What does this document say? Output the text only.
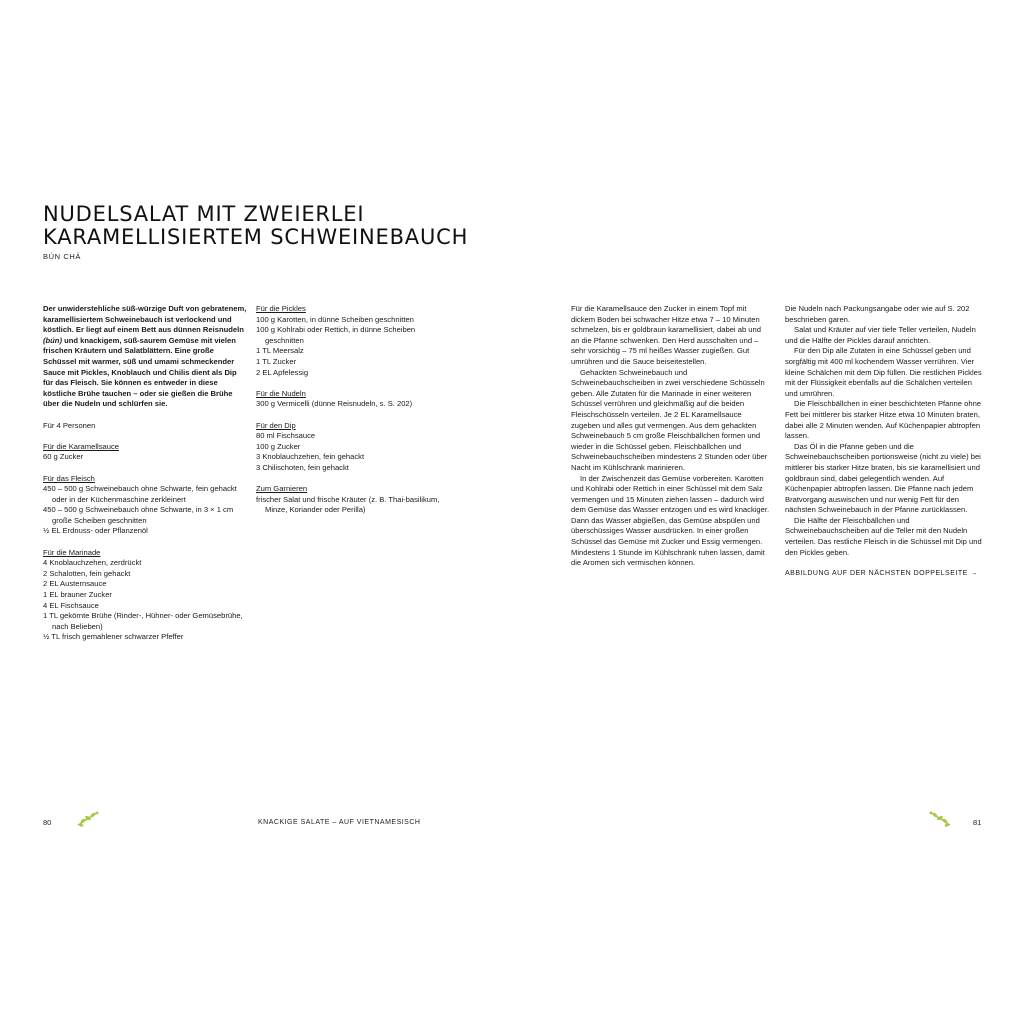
NUDELSALAT MIT ZWEIERLEI
KARAMELLISIERTEM SCHWEINEBAUCH
BÚN CHẢ

Der unwiderstehliche süß-würzige Duft von gebratenem, karamellisiertem Schweinebauch ist verlockend und köstlich. Er liegt auf einem Bett aus dünnen Reisnudeln (bún) und knackigem, süß-saurem Gemüse mit vielen frischen Kräutern und Salatblättern. Eine große Schüssel mit warmer, süß und umami schmeckender Sauce mit Pickles, Knoblauch und Chilis dient als Dip für das Fleisch. Sie können es entweder in diese köstliche Brühe tauchen – oder sie gießen die Brühe über die Nudeln und schlürfen sie.

Für 4 Personen
Für die Karamellsauce
60 g Zucker
Für das Fleisch
450 – 500 g Schweinebauch ohne Schwarte, fein gehackt oder in der Küchenmaschine zerkleinert
450 – 500 g Schweinebauch ohne Schwarte, in 3 × 1 cm große Scheiben geschnitten
½ EL Erdnuss- oder Pflanzenöl
Für die Marinade
4 Knoblauchzehen, zerdrückt
2 Schalotten, fein gehackt
2 EL Austernsauce
1 EL brauner Zucker
4 EL Fischsauce
1 TL gekörnte Brühe (Rinder-, Hühner- oder Gemüsebrühe, nach Belieben)
½ TL frisch gemahlener schwarzer Pfeffer
Für die Pickles
100 g Karotten, in dünne Scheiben geschnitten
100 g Kohlrabi oder Rettich, in dünne Scheiben geschnitten
1 TL Meersalz
1 TL Zucker
2 EL Apfelessig
Für die Nudeln
300 g Vermicelli (dünne Reisnudeln, s. S. 202)
Für den Dip
80 ml Fischsauce
100 g Zucker
3 Knoblauchzehen, fein gehackt
3 Chilischoten, fein gehackt
Zum Garnieren
frischer Salat und frische Kräuter (z. B. Thai-basilikum, Minze, Koriander oder Perilla)

Für die Karamellsauce den Zucker in einem Topf mit dickem Boden bei schwacher Hitze etwa 7 – 10 Minuten schmelzen, bis er goldbraun karamellisiert, dabei ab und an die Pfanne schwenken. Den Herd ausschalten und – sehr vorsichtig – 75 ml heißes Wasser zugießen. Gut umrühren und die Sauce beiseitestellen.

Gehackten Schweinebauch und Schweinebauchscheiben in zwei verschiedene Schüsseln geben. Alle Zutaten für die Marinade in einer weiteren Schüssel verrühren und gleichmäßig auf die beiden Fleischschüsseln verteilen. Je 2 EL Karamellsauce zugeben und alles gut vermengen. Aus dem gehackten Schweinebauch 5 cm große Fleischbällchen formen und wieder in die Schüssel geben. Fleischbällchen und Schweinebauchscheiben mindestens 2 Stunden oder über Nacht im Kühlschrank marinieren.

In der Zwischenzeit das Gemüse vorbereiten. Karotten und Kohlrabi oder Rettich in einer Schüssel mit dem Salz vermengen und 15 Minuten ziehen lassen – dadurch wird dem Gemüse das Wasser entzogen und es wird knackiger. Dann das Wasser abgießen, das Gemüse abspülen und überschüssiges Wasser ausdrücken. In einer großen Schüssel das Gemüse mit Zucker und Essig vermengen. Mindestens 1 Stunde im Kühlschrank ruhen lassen, damit die Aromen sich vermischen können.

Die Nudeln nach Packungsangabe oder wie auf S. 202 beschrieben garen.

Salat und Kräuter auf vier tiefe Teller verteilen, Nudeln und die Hälfte der Pickles darauf anrichten.

Für den Dip alle Zutaten in eine Schüssel geben und sorgfältig mit 400 ml kochendem Wasser verrühren. Vier kleine Schälchen mit dem Dip füllen. Die restlichen Pickles mit der Flüssigkeit ebenfalls auf die Schälchen verteilen und umrühren.

Die Fleischbällchen in einer beschichteten Pfanne ohne Fett bei mittlerer bis starker Hitze etwa 10 Minuten braten, dabei alle 2 Minuten wenden. Auf Küchenpapier abtropfen lassen.

Das Öl in die Pfanne geben und die Schweinebauchscheiben portionsweise (nicht zu viele) bei mittlerer bis starker Hitze braten, bis sie karamellisiert und goldbraun sind, dabei gelegentlich wenden. Auf Küchenpapier abtropfen lassen. Die Pfanne nach jedem Bratvorgang auswischen und nur wenig Fett für den nächsten Schweinebauch in der Pfanne zurücklassen.

Die Hälfte der Fleischbällchen und Schweinebauchscheiben auf die Teller mit den Nudeln verteilen. Das restliche Fleisch in die Schüssel mit Dip und den Pickles geben.

ABBILDUNG AUF DER NÄCHSTEN DOPPELSEITE →
80	KNACKIGE SALATE – AUF VIETNAMESISCH	81
